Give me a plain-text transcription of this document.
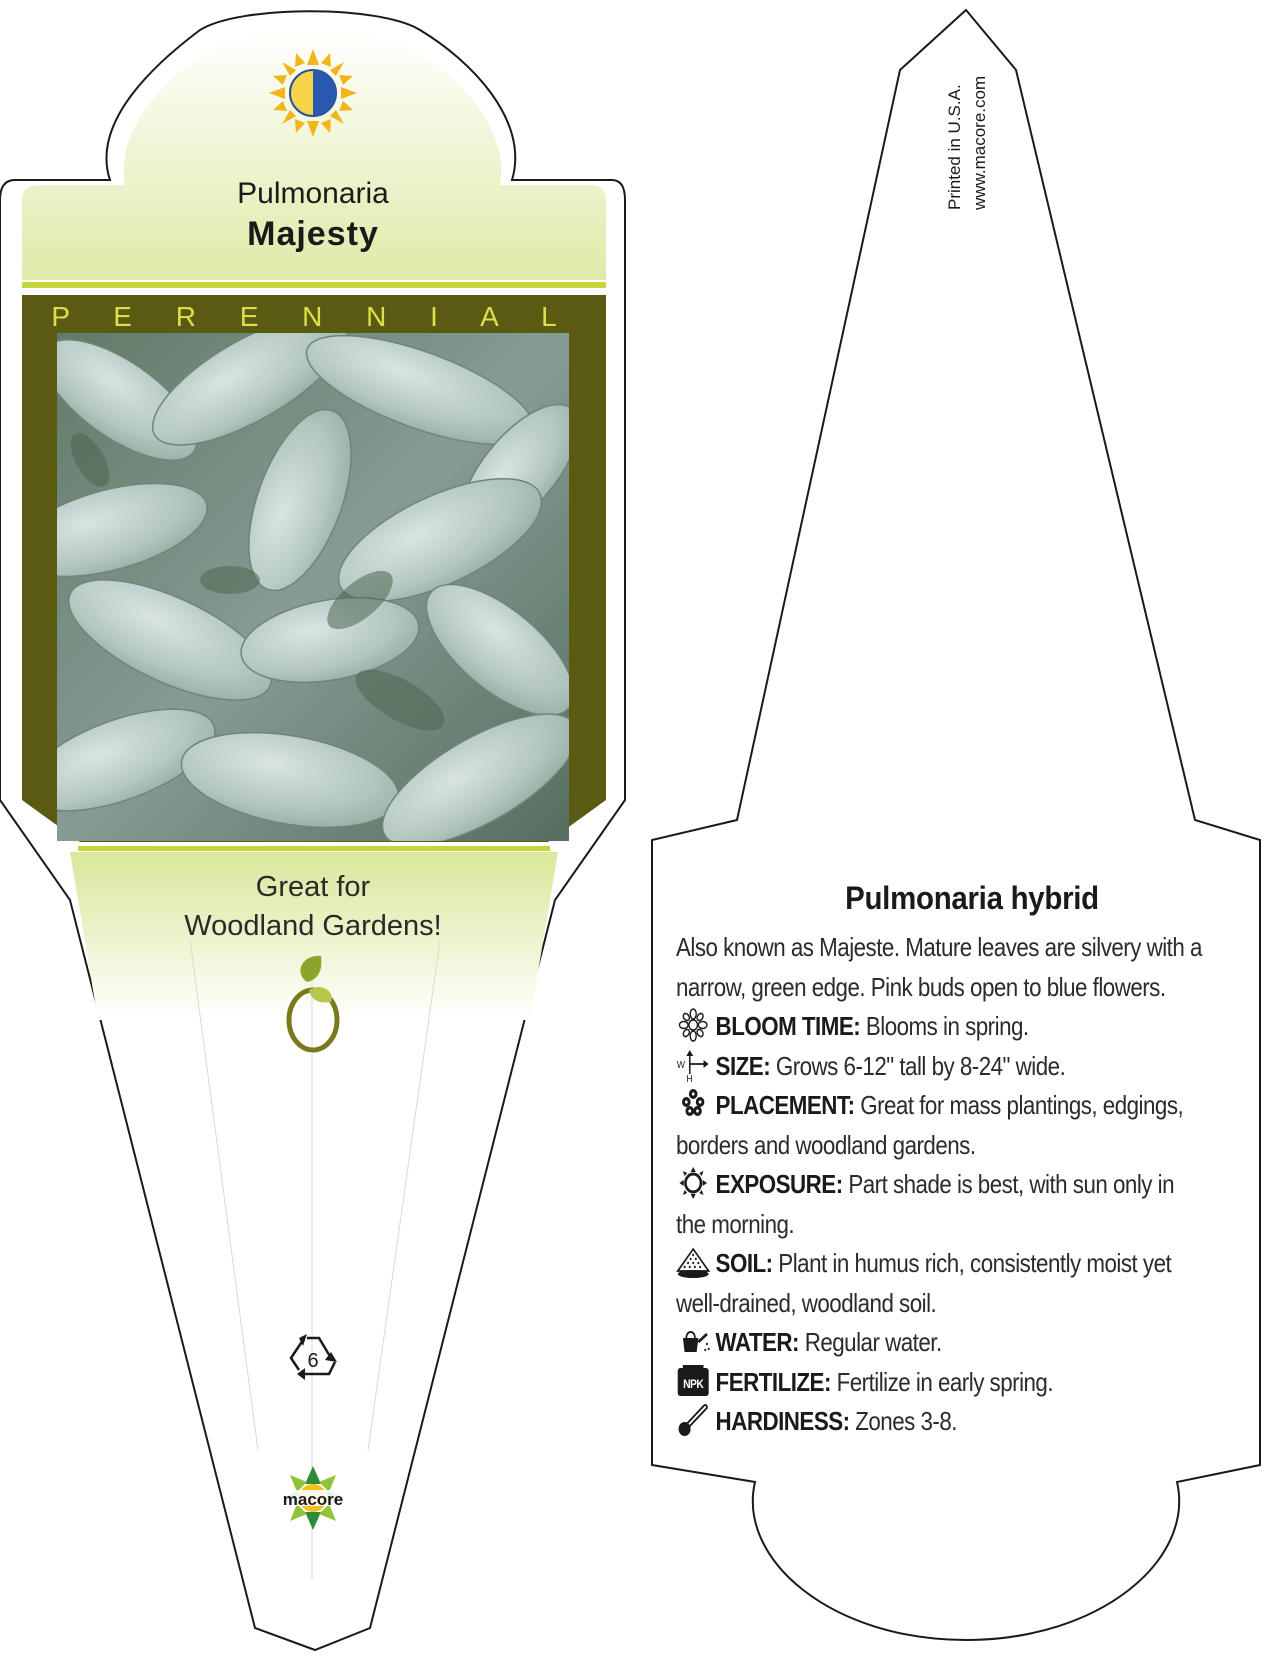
Pulmonaria
Majesty
P E R E N N I A L
Great for
Woodland Gardens!
6
macore
Printed in U.S.A. www.macore.com
Pulmonaria hybrid
Also known as Majeste. Mature leaves are silvery with a
narrow, green edge. Pink buds open to blue flowers.
BLOOM TIME: Blooms in spring.
W
H SIZE: Grows 6-12" tall by 8-24" wide.
PLACEMENT: Great for mass plantings, edgings,
borders and woodland gardens.
EXPOSURE: Part shade is best, with sun only in
the morning.
SOIL: Plant in humus rich, consistently moist yet
well-drained, woodland soil.
WATER: Regular water.
NPK FERTILIZE: Fertilize in early spring.
HARDINESS: Zones 3-8.
